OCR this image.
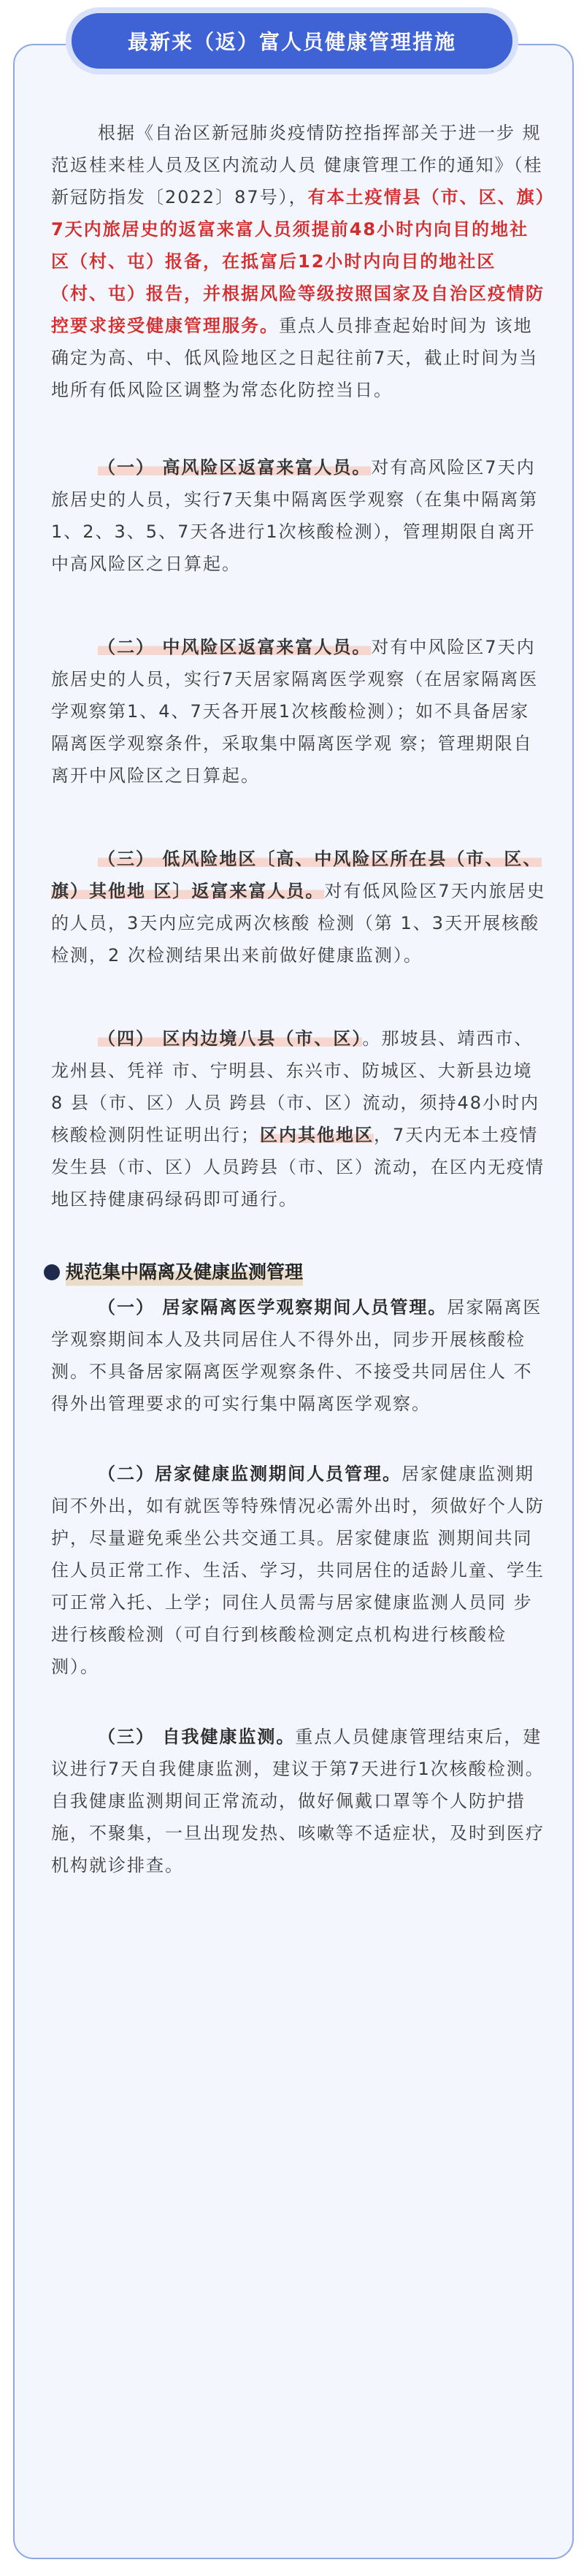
最新来（返）富人员健康管理措施

根据《自治区新冠肺炎疫情防控指挥部关于进一步 规范返桂来桂人员及区内流动人员 健康管理工作的通知》（桂新冠防指发〔2022〕87号），有本土疫情县（市、区、旗）7天内旅居史的返富来富人员须提前48小时内向目的地社区（村、屯）报备，在抵富后12小时内向目的地社区（村、屯）报告，并根据风险等级按照国家及自治区疫情防控要求接受健康管理服务。重点人员排查起始时间为 该地确定为高、中、低风险地区之日起往前7天，截止时间为当地所有低风险区调整为常态化防控当日。

（一） 高风险区返富来富人员。对有高风险区7天内旅居史的人员，实行7天集中隔离医学观察（在集中隔离第1、2、3、5、7天各进行1次核酸检测），管理期限自离开中高风险区之日算起。

（二） 中风险区返富来富人员。对有中风险区7天内旅居史的人员，实行7天居家隔离医学观察（在居家隔离医学观察第1、4、7天各开展1次核酸检测）；如不具备居家隔离医学观察条件，采取集中隔离医学观 察；管理期限自离开中风险区之日算起。

（三） 低风险地区〔高、中风险区所在县（市、区、旗）其他地 区〕返富来富人员。对有低风险区7天内旅居史的人员，3天内应完成两次核酸 检测（第 1、3天开展核酸检测，2 次检测结果出来前做好健康监测）。

（四） 区内边境八县（市、区）。那坡县、靖西市、龙州县、凭祥 市、宁明县、东兴市、防城区、大新县边境 8 县（市、区）人员 跨县（市、区）流动，须持48小时内核酸检测阴性证明出行；区内其他地区，7天内无本土疫情发生县（市、区）人员跨县（市、区）流动，在区内无疫情地区持健康码绿码即可通行。

规范集中隔离及健康监测管理

（一） 居家隔离医学观察期间人员管理。居家隔离医学观察期间本人及共同居住人不得外出，同步开展核酸检测。不具备居家隔离医学观察条件、不接受共同居住人 不得外出管理要求的可实行集中隔离医学观察。

（二）居家健康监测期间人员管理。居家健康监测期间不外出，如有就医等特殊情况必需外出时，须做好个人防护，尽量避免乘坐公共交通工具。居家健康监 测期间共同住人员正常工作、生活、学习，共同居住的适龄儿童、学生可正常入托、上学；同住人员需与居家健康监测人员同 步进行核酸检测（可自行到核酸检测定点机构进行核酸检测）。

（三） 自我健康监测。重点人员健康管理结束后，建议进行7天自我健康监测，建议于第7天进行1次核酸检测。自我健康监测期间正常流动，做好佩戴口罩等个人防护措施，不聚集，一旦出现发热、咳嗽等不适症状，及时到医疗机构就诊排查。
